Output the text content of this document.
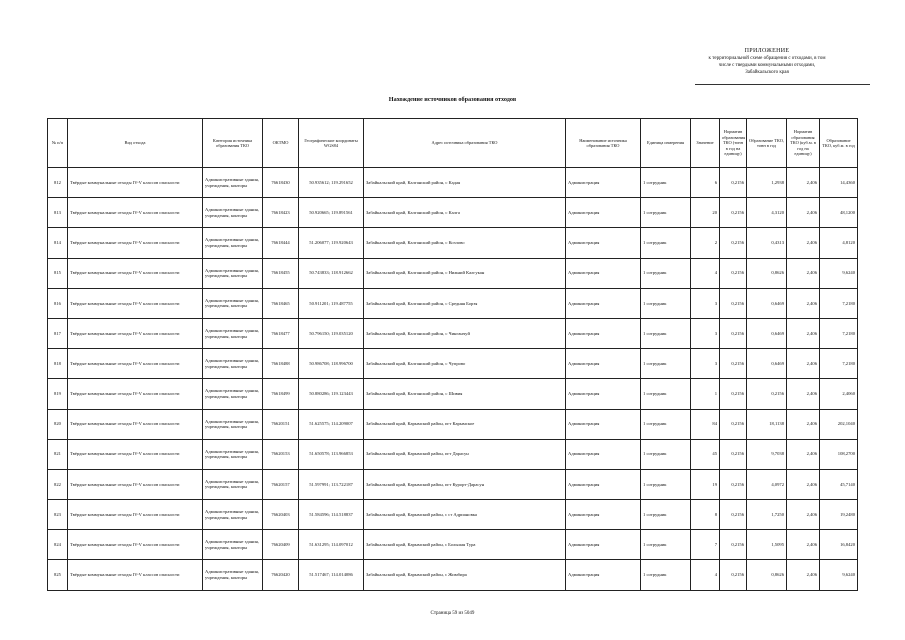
ПРИЛОЖЕНИЕ
к территориальной схеме обращения с отходами, в том
числе с твердыми коммунальными отходами,
Забайкальского края
Нахождение источников образования отходов
№ п/п	Вид отхода	Категория источника образования ТКО	ОКТМО	Географические координаты WGS84	Адрес источника образования ТКО	Наименование источника образования ТКО	Единица измерения	Значение	Норматив образования ТКО (тонн в год на единицу)	Образование ТКО, тонн в год	Норматив образования ТКО (куб.м. в год на единицу)	Образование ТКО, куб.м. в год
812	Твёрдые коммунальные отходы IV-V классов опасности	Административные здания, учреждения, конторы	76618430	50.935612; 119.291652	Забайкальский край, Калганский район, с Кадая	Администрация	1 сотрудник	6	0,2156	1,2938	2,406	14,4360
813	Твёрдые коммунальные отходы IV-V классов опасности	Административные здания, учреждения, конторы	76618423	50.920665; 119.891561	Забайкальский край, Калганский район, с Калга	Администрация	1 сотрудник	20	0,2156	4,3120	2,406	48,1200
814	Твёрдые коммунальные отходы IV-V классов опасности	Административные здания, учреждения, конторы	76618444	51.206077; 119.920643	Забайкальский край, Калганский район, с Козлово	Администрация	1 сотрудник	2	0,2156	0,4313	2,406	4,8120
815	Твёрдые коммунальные отходы IV-V классов опасности	Административные здания, учреждения, конторы	76618455	50.743833; 118.912662	Забайкальский край, Калганский район, с Нижний Калгукан	Администрация	1 сотрудник	4	0,2156	0,8626	2,406	9,6240
816	Твёрдые коммунальные отходы IV-V классов опасности	Административные здания, учреждения, конторы	76618465	50.911201; 119.487755	Забайкальский край, Калганский район, с Средняя Борзя	Администрация	1 сотрудник	3	0,2156	0,6469	2,406	7,2180
817	Твёрдые коммунальные отходы IV-V классов опасности	Административные здания, учреждения, конторы	76618477	50.796150; 119.035120	Забайкальский край, Калганский район, с Чинганчуй	Администрация	1 сотрудник	3	0,2156	0,6469	2,406	7,2180
818	Твёрдые коммунальные отходы IV-V классов опасности	Административные здания, учреждения, конторы	76618488	50.986708; 118.996700	Забайкальский край, Калганский район, с Чупрово	Администрация	1 сотрудник	3	0,2156	0,6469	2,406	7,2180
819	Твёрдые коммунальные отходы IV-V классов опасности	Административные здания, учреждения, конторы	76618499	50.880286; 119.123443	Забайкальский край, Калганский район, с Шивия	Администрация	1 сотрудник	1	0,2156	0,2156	2,406	2,4060
820	Твёрдые коммунальные отходы IV-V классов опасности	Административные здания, учреждения, конторы	76620151	51.625575; 114.209007	Забайкальский край, Карымский район, пгт Карымское	Администрация	1 сотрудник	84	0,2156	18,1138	2,406	202,1040
821	Твёрдые коммунальные отходы IV-V классов опасности	Административные здания, учреждения, конторы	76620153	51.650578; 113.966853	Забайкальский край, Карымский район, пгт Дарасун	Администрация	1 сотрудник	45	0,2156	9,7038	2,406	108,2700
822	Твёрдые коммунальные отходы IV-V классов опасности	Административные здания, учреждения, конторы	76620157	51.597991; 113.722187	Забайкальский край, Карымский район, пгт Курорт-Дарасун	Администрация	1 сотрудник	19	0,2156	4,0972	2,406	45,7140
823	Твёрдые коммунальные отходы IV-V классов опасности	Административные здания, учреждения, конторы	76620403	51.584596; 114.518837	Забайкальский край, Карымский район, с ст Адриановка	Администрация	1 сотрудник	8	0,2156	1,7250	2,406	19,2480
824	Твёрдые коммунальные отходы IV-V классов опасности	Административные здания, учреждения, конторы	76620409	51.631295; 114.097012	Забайкальский край, Карымский район, с Большая Тура	Администрация	1 сотрудник	7	0,2156	1,5095	2,406	16,8420
825	Твёрдые коммунальные отходы IV-V классов опасности	Административные здания, учреждения, конторы	76620420	51.517467; 114.014086	Забайкальский край, Карымский район, с Жимбира	Администрация	1 сотрудник	4	0,2156	0,8626	2,406	9,6240
Страница 59 из 5049
